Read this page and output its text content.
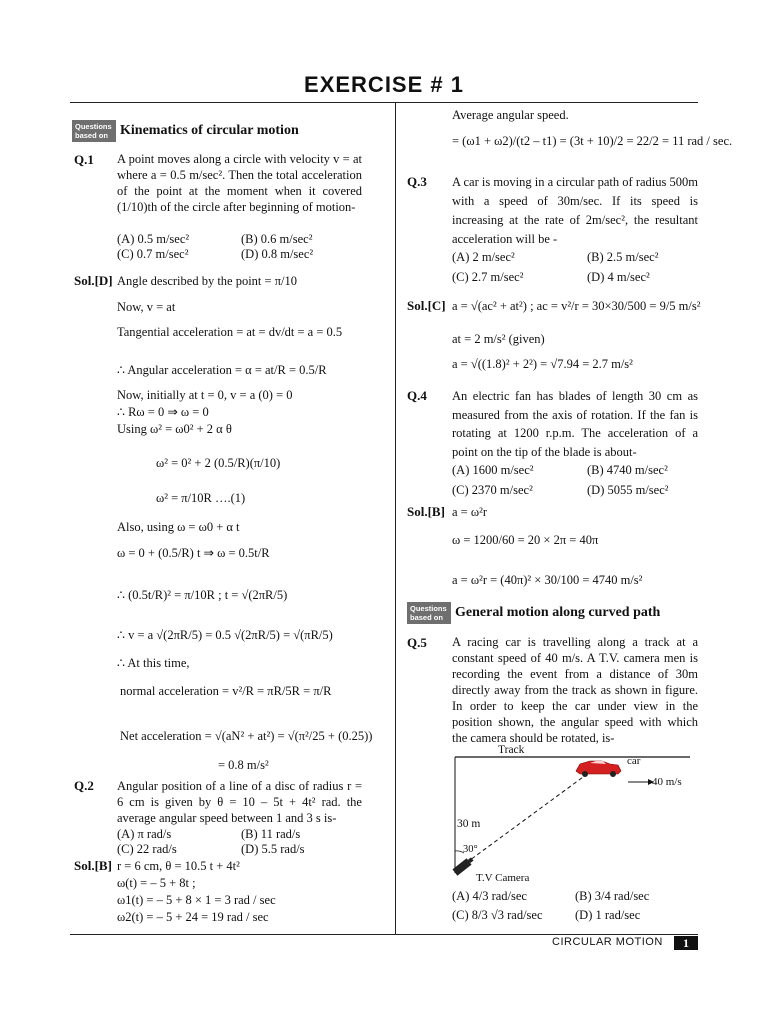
EXERCISE # 1
Questions based on Kinematics of circular motion
Q.1 A point moves along a circle with velocity v = at where a = 0.5 m/sec². Then the total acceleration of the point at the moment when it covered (1/10)th of the circle after beginning of motion-
(A) 0.5 m/sec²	(B) 0.6 m/sec²
(C) 0.7 m/sec²	(D) 0.8 m/sec²
Sol.[D] Angle described by the point = π/10
Now, v = at
Tangential acceleration = at = dv/dt = a = 0.5
∴ Angular acceleration = α = at/R = 0.5/R
Now, initially at t = 0, v = a (0) = 0
∴ Rω = 0 ⇒ ω = 0
Using ω² = ω0² + 2 α θ
ω² = 0² + 2 (0.5/R)(π/10)
ω² = π/10R ….(1)
Also, using ω = ω0 + α t
ω = 0 + (0.5/R) t ⇒ ω = 0.5t/R
∴ (0.5t/R)² = π/10R ; t = √(2πR/5)
∴ v = a √(2πR/5) = 0.5 √(2πR/5) = √(πR/5)
∴ At this time,
normal acceleration = v²/R = πR/5R = π/R
Net acceleration = √(aN² + at²) = √(π²/25 + (0.25))
= 0.8 m/s²
Q.2 Angular position of a line of a disc of radius r = 6 cm is given by θ = 10 – 5t + 4t² rad. the average angular speed between 1 and 3 s is-
(A) π rad/s	(B) 11 rad/s
(C) 22 rad/s	(D) 5.5 rad/s
Sol.[B] r = 6 cm, θ = 10.5 t + 4t²
ω(t) = – 5 + 8t ;
ω1(t) = – 5 + 8 × 1 = 3 rad / sec
ω2(t) = – 5 + 24 = 19 rad / sec
Average angular speed.
= (ω1 + ω2)/(t2 – t1) = (3t + 10)/2 = 22/2 = 11 rad / sec.
Q.3 A car is moving in a circular path of radius 500m with a speed of 30m/sec. If its speed is increasing at the rate of 2m/sec², the resultant acceleration will be -
(A) 2 m/sec²	(B) 2.5 m/sec²
(C) 2.7 m/sec²	(D) 4 m/sec²
Sol.[C] a = √(ac² + at²) ; ac = v²/r = 30×30/500 = 9/5 m/s²
at = 2 m/s² (given)
a = √((1.8)² + 2²) = √7.94 = 2.7 m/s²
Q.4 An electric fan has blades of length 30 cm as measured from the axis of rotation. If the fan is rotating at 1200 r.p.m. The acceleration of a point on the tip of the blade is about-
(A) 1600 m/sec²	(B) 4740 m/sec²
(C) 2370 m/sec²	(D) 5055 m/sec²
Sol.[B] a = ω²r
ω = 1200/60 = 20 × 2π = 40π
a = ω²r = (40π)² × 30/100 = 4740 m/s²
Questions based on General motion along curved path
Q.5 A racing car is travelling along a track at a constant speed of 40 m/s. A T.V. camera men is recording the event from a distance of 30m directly away from the track as shown in figure. In order to keep the car under view in the position shown, the angular speed with which the camera should be rotated, is-
Track
car
40 m/s
30 m
30°
T.V Camera
(A) 4/3 rad/sec	(B) 3/4 rad/sec
(C) 8/3 √3 rad/sec	(D) 1 rad/sec
CIRCULAR MOTION	1
